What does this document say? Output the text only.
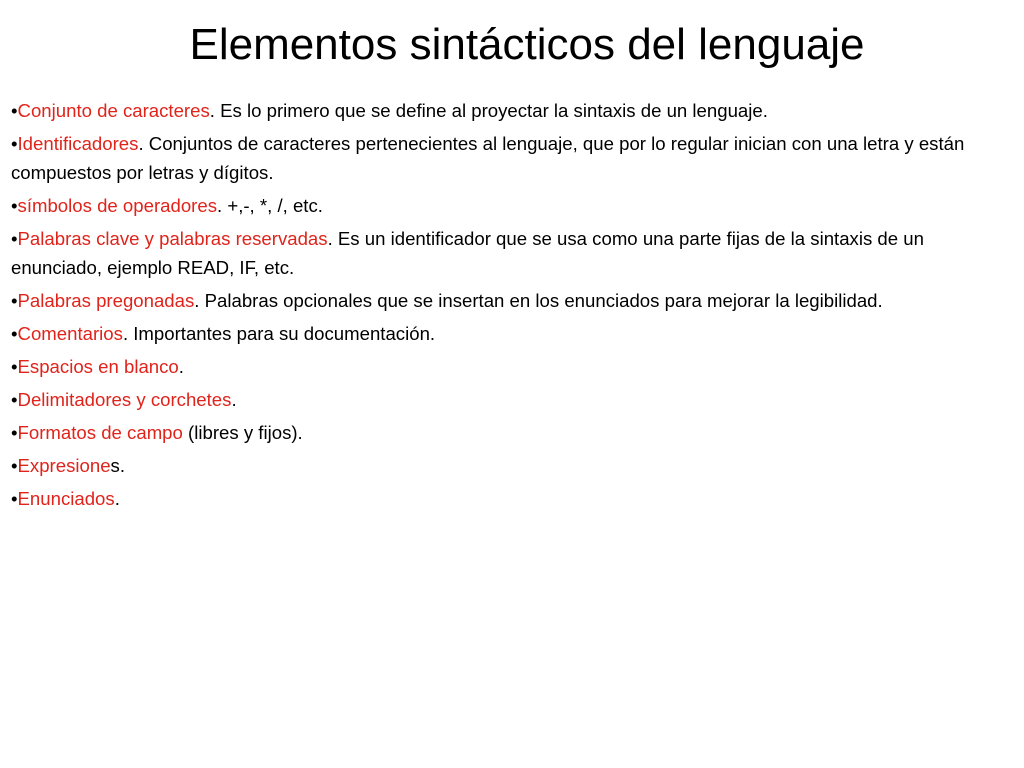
Elementos sintácticos del lenguaje

•Conjunto de caracteres. Es lo primero que se define al proyectar la sintaxis de un lenguaje.

•Identificadores. Conjuntos de caracteres pertenecientes al lenguaje, que por lo regular inician con una letra y están compuestos por letras y dígitos.

•símbolos de operadores. +,-, *, /, etc.

•Palabras clave y palabras reservadas. Es un identificador que se usa como una parte fijas de la sintaxis de un enunciado, ejemplo READ, IF, etc.

•Palabras pregonadas. Palabras opcionales que se insertan en los enunciados para mejorar la legibilidad.

•Comentarios. Importantes para su documentación.

•Espacios en blanco.

•Delimitadores y corchetes.

•Formatos de campo (libres y fijos).

•Expresiones.

•Enunciados.
